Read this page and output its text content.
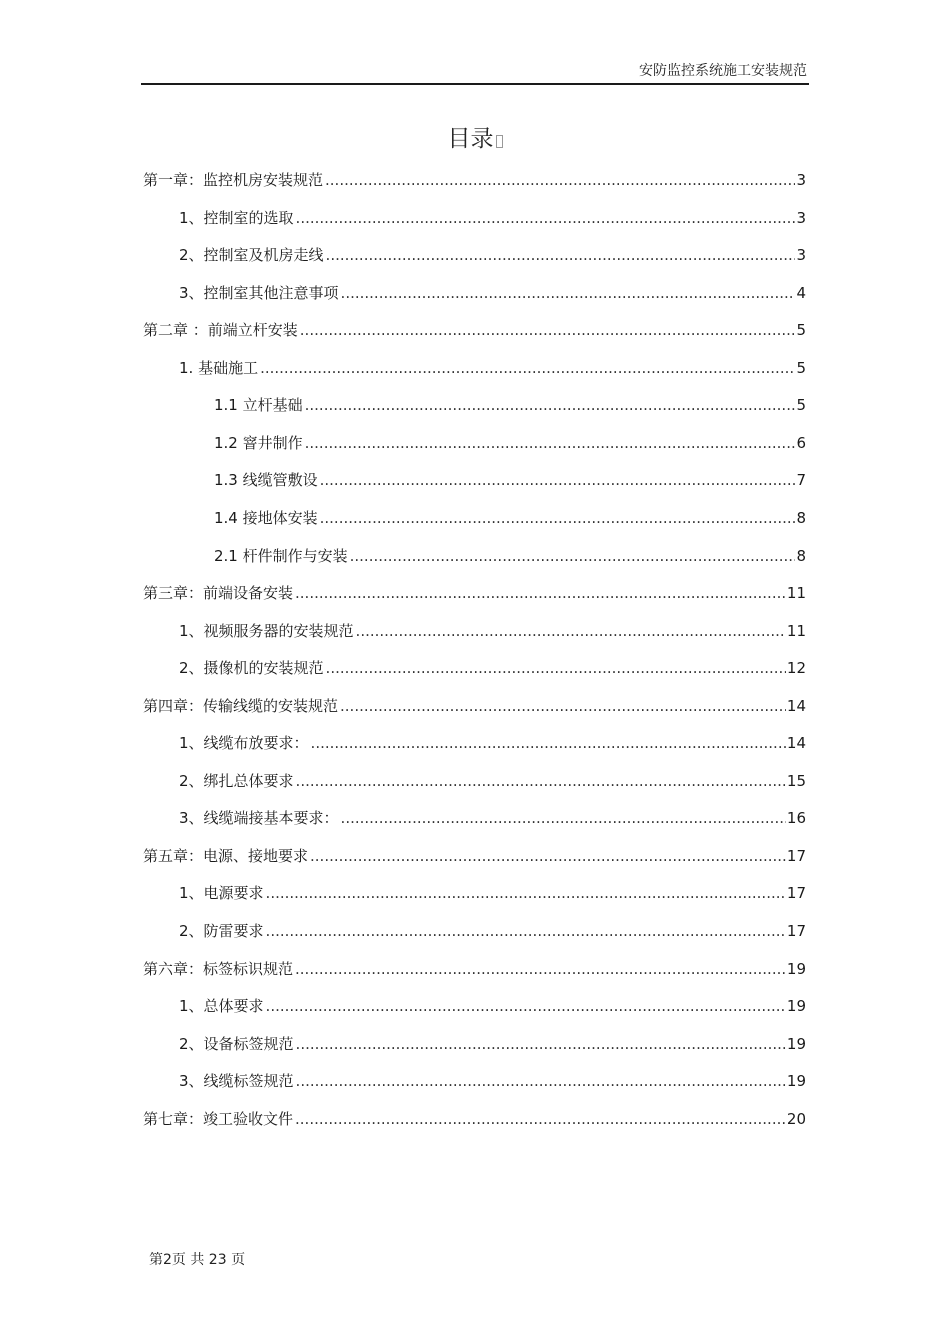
安防监控系统施工安装规范
目录
第一章：监控机房安装规范 .....	3
1、控制室的选取 .....	3
2、控制室及机房走线 .....	3
3、控制室其他注意事项 .....	4
第二章 ：前端立杆安装 .....	5
1. 基础施工 .....	5
1.1 立杆基础 .....	5
1.2 窨井制作 .....	6
1.3 线缆管敷设 .....	7
1.4 接地体安装 .....	8
2.1 杆件制作与安装 .....	8
第三章：前端设备安装 .....	11
1、视频服务器的安装规范 .....	11
2、摄像机的安装规范 .....	12
第四章：传输线缆的安装规范 .....	14
1、线缆布放要求： .....	14
2、绑扎总体要求 .....	15
3、线缆端接基本要求： .....	16
第五章：电源、接地要求 .....	17
1、电源要求 .....	17
2、防雷要求 .....	17
第六章：标签标识规范 .....	19
1、总体要求 .....	19
2、设备标签规范 .....	19
3、线缆标签规范 .....	19
第七章：竣工验收文件 .....	20
第2页 共 23 页
